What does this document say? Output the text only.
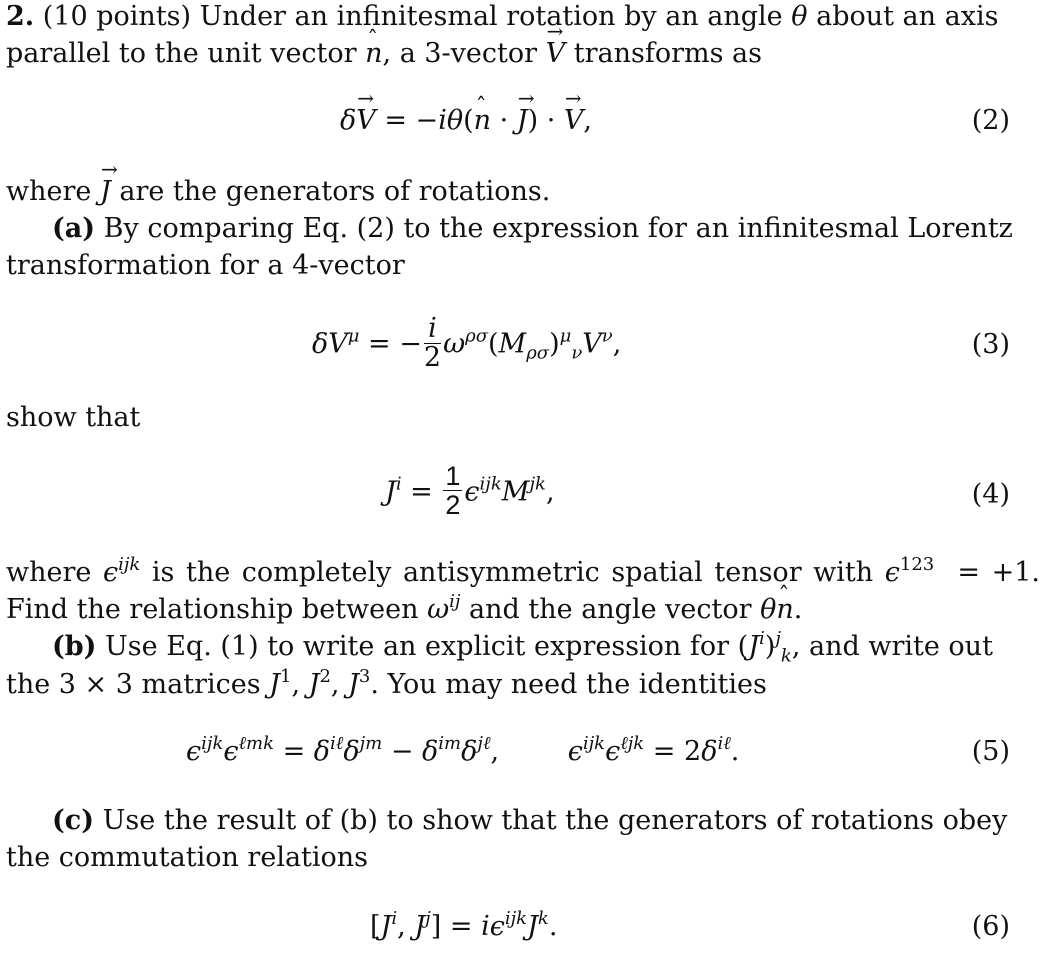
2. (10 points) Under an infinitesmal rotation by an angle θ about an axis
parallel to the unit vector ˆ n, a 3-vector → V transforms as
δ→ V = −iθ(ˆ n · → J) · → V,	(2)
where → J are the generators of rotations.
(a) By comparing Eq. (2) to the expression for an infinitesmal Lorentz
transformation for a 4-vector
$\delta V^\mu$ = − $\frac{i}{2} \omega^{\rho\sigma}(M_{\rho\sigma})^\mu_\nu V^\nu$,	(3)
show that
$J^i = \frac{1}{2} \epsilon^{ijk}M^{jk}$,	(4)
where $\epsilon^{ijk}$ is the completely antisymmetric spatial tensor with $\epsilon^{123} = +1$.
Find the relationship between $\omega^{ij}$ and the angle vector θˆ n.
(b) Use Eq. (1) to write an explicit expression for $(J^i)^j_k$, and write out
the 3 × 3 matrices $J^1$, $J^2$, $J^3$. You may need the identities
$\epsilon^{ijk}\epsilon^{\ell mk} = \delta^{i\ell}\delta^{jm} - \delta^{im}\delta^{j\ell}$,        $\epsilon^{ijk}\epsilon^{\ell jk} = 2\delta^{i\ell}$.	(5)
(c) Use the result of (b) to show that the generators of rotations obey
the commutation relations
[$J^i$, $J^j] = i\epsilon^{ijk}J^k$.	(6)
